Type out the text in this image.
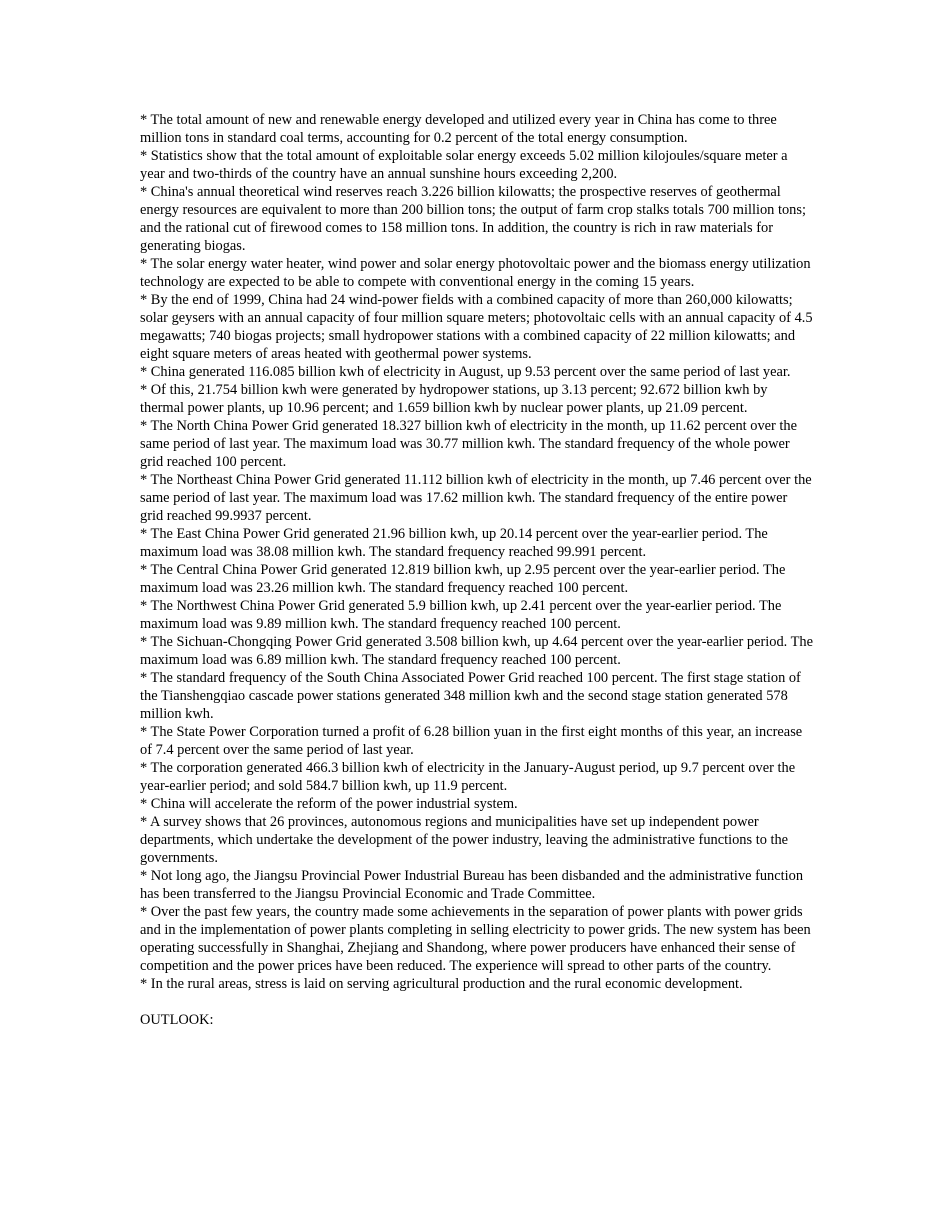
* The total amount of new and renewable energy developed and utilized every year in China has come to three million tons in standard coal terms, accounting for 0.2 percent of the total energy consumption.

* Statistics show that the total amount of exploitable solar energy exceeds 5.02 million kilojoules/square meter a year and two-thirds of the country have an annual sunshine hours exceeding 2,200.

* China's annual theoretical wind reserves reach 3.226 billion kilowatts; the prospective reserves of geothermal energy resources are equivalent to more than 200 billion tons; the output of farm crop stalks totals 700 million tons; and the rational cut of firewood comes to 158 million tons. In addition, the country is rich in raw materials for generating biogas.

* The solar energy water heater, wind power and solar energy photovoltaic power and the biomass energy utilization technology are expected to be able to compete with conventional energy in the coming 15 years.

* By the end of 1999, China had 24 wind-power fields with a combined capacity of more than 260,000 kilowatts; solar geysers with an annual capacity of four million square meters; photovoltaic cells with an annual capacity of 4.5 megawatts; 740 biogas projects; small hydropower stations with a combined capacity of 22 million kilowatts; and eight square meters of areas heated with geothermal power systems.

* China generated 116.085 billion kwh of electricity in August, up 9.53 percent over the same period of last year.

* Of this, 21.754 billion kwh were generated by hydropower stations, up 3.13 percent; 92.672 billion kwh by thermal power plants, up 10.96 percent; and 1.659 billion kwh by nuclear power plants, up 21.09 percent.

* The North China Power Grid generated 18.327 billion kwh of electricity in the month, up 11.62 percent over the same period of last year. The maximum load was 30.77 million kwh. The standard frequency of the whole power grid reached 100 percent.

* The Northeast China Power Grid generated 11.112 billion kwh of electricity in the month, up 7.46 percent over the same period of last year. The maximum load was 17.62 million kwh. The standard frequency of the entire power grid reached 99.9937 percent.

* The East China Power Grid generated 21.96 billion kwh, up 20.14 percent over the year-earlier period. The maximum load was 38.08 million kwh. The standard frequency reached 99.991 percent.

* The Central China Power Grid generated 12.819 billion kwh, up 2.95 percent over the year-earlier period. The maximum load was 23.26 million kwh. The standard frequency reached 100 percent.

* The Northwest China Power Grid generated 5.9 billion kwh, up 2.41 percent over the year-earlier period. The maximum load was 9.89 million kwh. The standard frequency reached 100 percent.

* The Sichuan-Chongqing Power Grid generated 3.508 billion kwh, up 4.64 percent over the year-earlier period. The maximum load was 6.89 million kwh. The standard frequency reached 100 percent.

* The standard frequency of the South China Associated Power Grid reached 100 percent. The first stage station of the Tianshengqiao cascade power stations generated 348 million kwh and the second stage station generated 578 million kwh.

* The State Power Corporation turned a profit of 6.28 billion yuan in the first eight months of this year, an increase of 7.4 percent over the same period of last year.

* The corporation generated 466.3 billion kwh of electricity in the January-August period, up 9.7 percent over the year-earlier period; and sold 584.7 billion kwh, up 11.9 percent.

* China will accelerate the reform of the power industrial system.

* A survey shows that 26 provinces, autonomous regions and municipalities have set up independent power departments, which undertake the development of the power industry, leaving the administrative functions to the governments.

* Not long ago, the Jiangsu Provincial Power Industrial Bureau has been disbanded and the administrative function has been transferred to the Jiangsu Provincial Economic and Trade Committee.

* Over the past few years, the country made some achievements in the separation of power plants with power grids and in the implementation of power plants completing in selling electricity to power grids. The new system has been operating successfully in Shanghai, Zhejiang and Shandong, where power producers have enhanced their sense of competition and the power prices have been reduced. The experience will spread to other parts of the country.

* In the rural areas, stress is laid on serving agricultural production and the rural economic development.

OUTLOOK:
